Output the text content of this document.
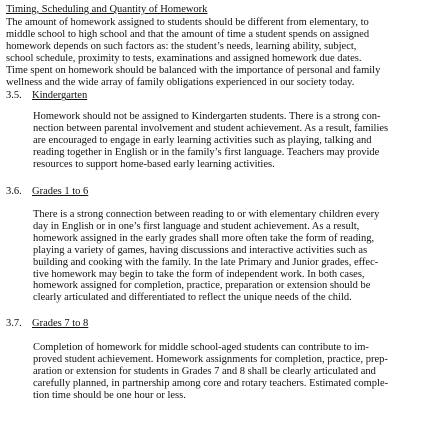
Timing, Scheduling and Quantity of Homework

The amount of homework assigned to students should be different from elementary, to
middle school to high school and that the amount of time a student spends on assigned
homework depends on such factors as: the student’s needs, learning ability, subject,
school schedule, proximity to tests, examinations and assigned homework due dates.
Time spent on homework should be balanced with the importance of personal and family
wellness and the wide array of family obligations experienced in our society today.

3.5. Kindergarten

Homework should not be assigned to Kindergarten students. There is a strong con-
nection between parental involvement and student achievement. As a result, families
are encouraged to engage in early learning activities such as playing, talking and
reading together in English or in the family’s first language. Teachers may provide
resources to support home-based early learning activities.

3.6. Grades 1 to 6

There is a strong connection between reading to or with elementary children every
day in English or in one’s first language and student achievement. As a result,
homework assigned in the early grades shall more often take the form of reading,
playing a variety of games, having discussions and interactive activities such as
building and cooking with the family. In the late Primary and Junior grades, effec-
tive homework may begin to take the form of independent work. In both cases,
homework assigned for completion, practice, preparation or extension should be
clearly articulated and differentiated to reflect the unique needs of the child.

3.7. Grades 7 to 8

Completion of homework for middle school-aged students can contribute to im-
proved student achievement. Homework assignments for completion, practice, prep-
aration or extension for students in Grades 7 and 8 shall be clearly articulated and
carefully planned, in partnership among core and rotary teachers. Estimated comple-
tion time should be one hour or less.
